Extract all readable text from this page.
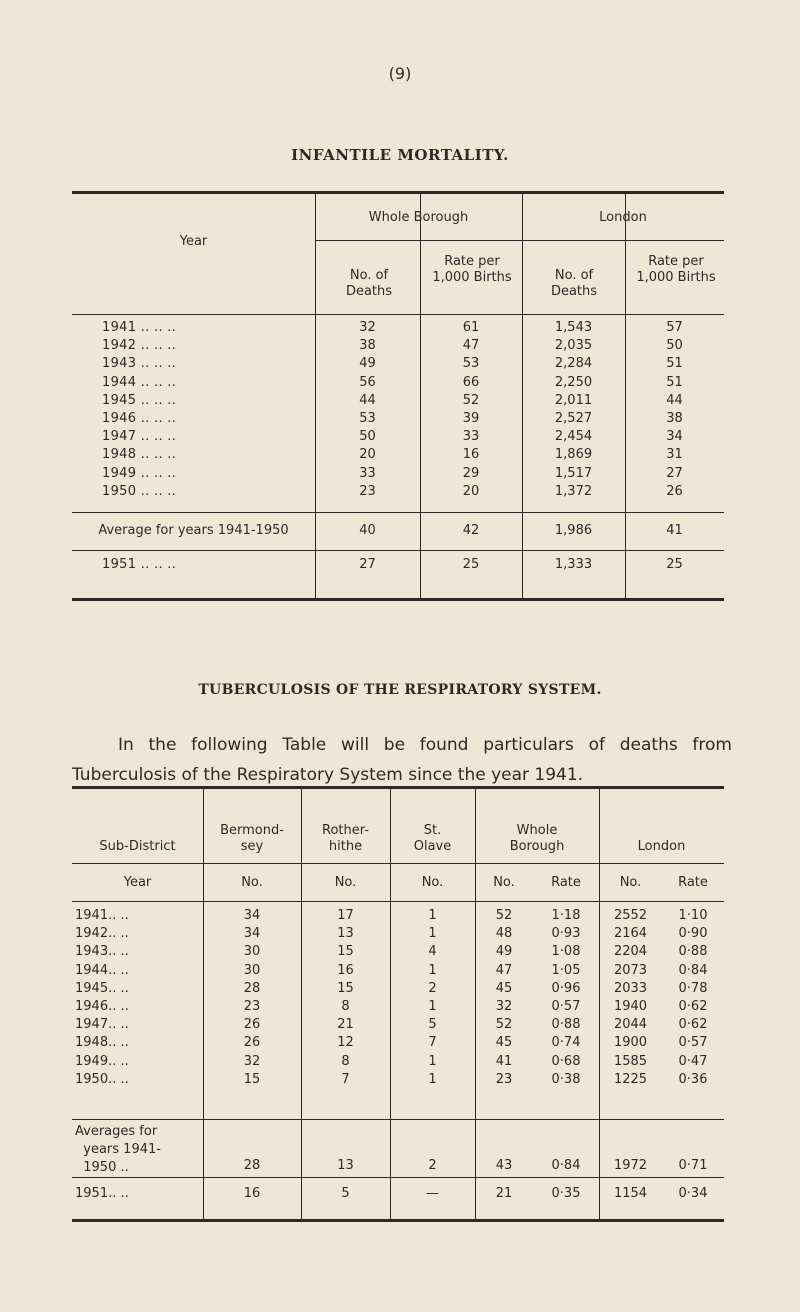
(9)
INFANTILE MORTALITY.
Year
Whole Borough	London
No. of Deaths
Rate per 1,000 Births	No. of Deaths
Rate per 1,000 Births
1941 .. .. ..	32	61	1,543	57
1942 .. .. ..	38	47	2,035	50
1943 .. .. ..	49	53	2,284	51
1944 .. .. ..	56	66	2,250	51
1945 .. .. ..	44	52	2,011	44
1946 .. .. ..	53	39	2,527	38
1947 .. .. ..	50	33	2,454	34
1948 .. .. ..	20	16	1,869	31
1949 .. .. ..	33	29	1,517	27
1950 .. .. ..	23	20	1,372	26
Average for years 1941-1950	40	42	1,986	41
1951 .. .. ..	27	25	1,333	25
TUBERCULOSIS OF THE RESPIRATORY SYSTEM.
In the following Table will be found particulars of deaths from Tuberculosis of the Respiratory System since the year 1941.
Sub-District
Bermond-
sey
Rother-
hithe
St.
Olave
Whole
Borough	London
Year	No.	No.	No.	No.	Rate	No.	Rate
1941.. ..	34	17	1	52	1·18	2552	1·10
1942.. ..	34	13	1	48	0·93	2164	0·90
1943.. ..	30	15	4	49	1·08	2204	0·88
1944.. ..	30	16	1	47	1·05	2073	0·84
1945.. ..	28	15	2	45	0·96	2033	0·78
1946.. ..	23	8	1	32	0·57	1940	0·62
1947.. ..	26	21	5	52	0·88	2044	0·62
1948.. ..	26	12	7	45	0·74	1900	0·57
1949.. ..	32	8	1	41	0·68	1585	0·47
1950.. ..	15	7	1	23	0·38	1225	0·36
Averages for
years 1941-
1950 ..	28	13	2	43	0·84	1972	0·71
1951.. ..	16	5	—	21	0·35	1154	0·34
